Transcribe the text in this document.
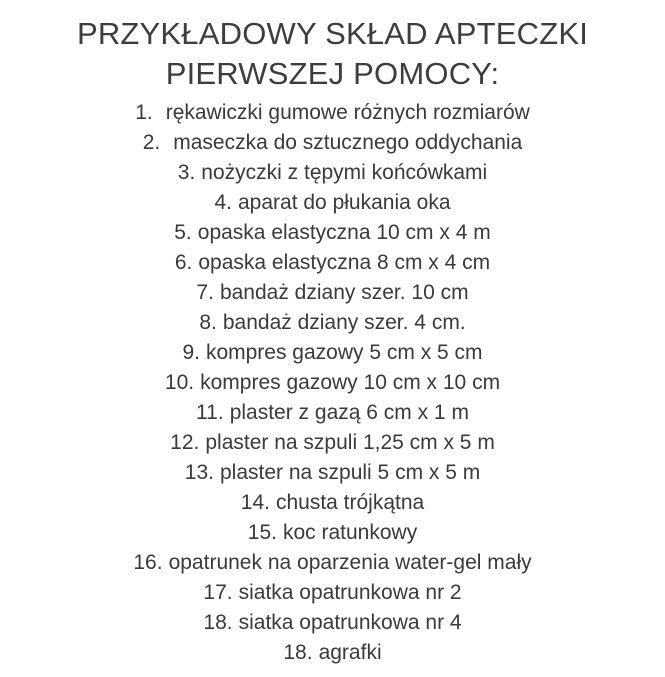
PRZYKŁADOWY SKŁAD APTECZKI
PIERWSZEJ POMOCY:
1. rękawiczki gumowe różnych rozmiarów
2. maseczka do sztucznego oddychania
3. nożyczki z tępymi końcówkami
4. aparat do płukania oka
5. opaska elastyczna 10 cm x 4 m
6. opaska elastyczna 8 cm x 4 cm
7. bandaż dziany szer. 10 cm
8. bandaż dziany szer. 4 cm.
9. kompres gazowy 5 cm x 5 cm
10. kompres gazowy 10 cm x 10 cm
11. plaster z gazą 6 cm x 1 m
12. plaster na szpuli 1,25 cm x 5 m
13. plaster na szpuli 5 cm x 5 m
14. chusta trójkątna
15. koc ratunkowy
16. opatrunek na oparzenia water-gel mały
17. siatka opatrunkowa nr 2
18. siatka opatrunkowa nr 4
18. agrafki
